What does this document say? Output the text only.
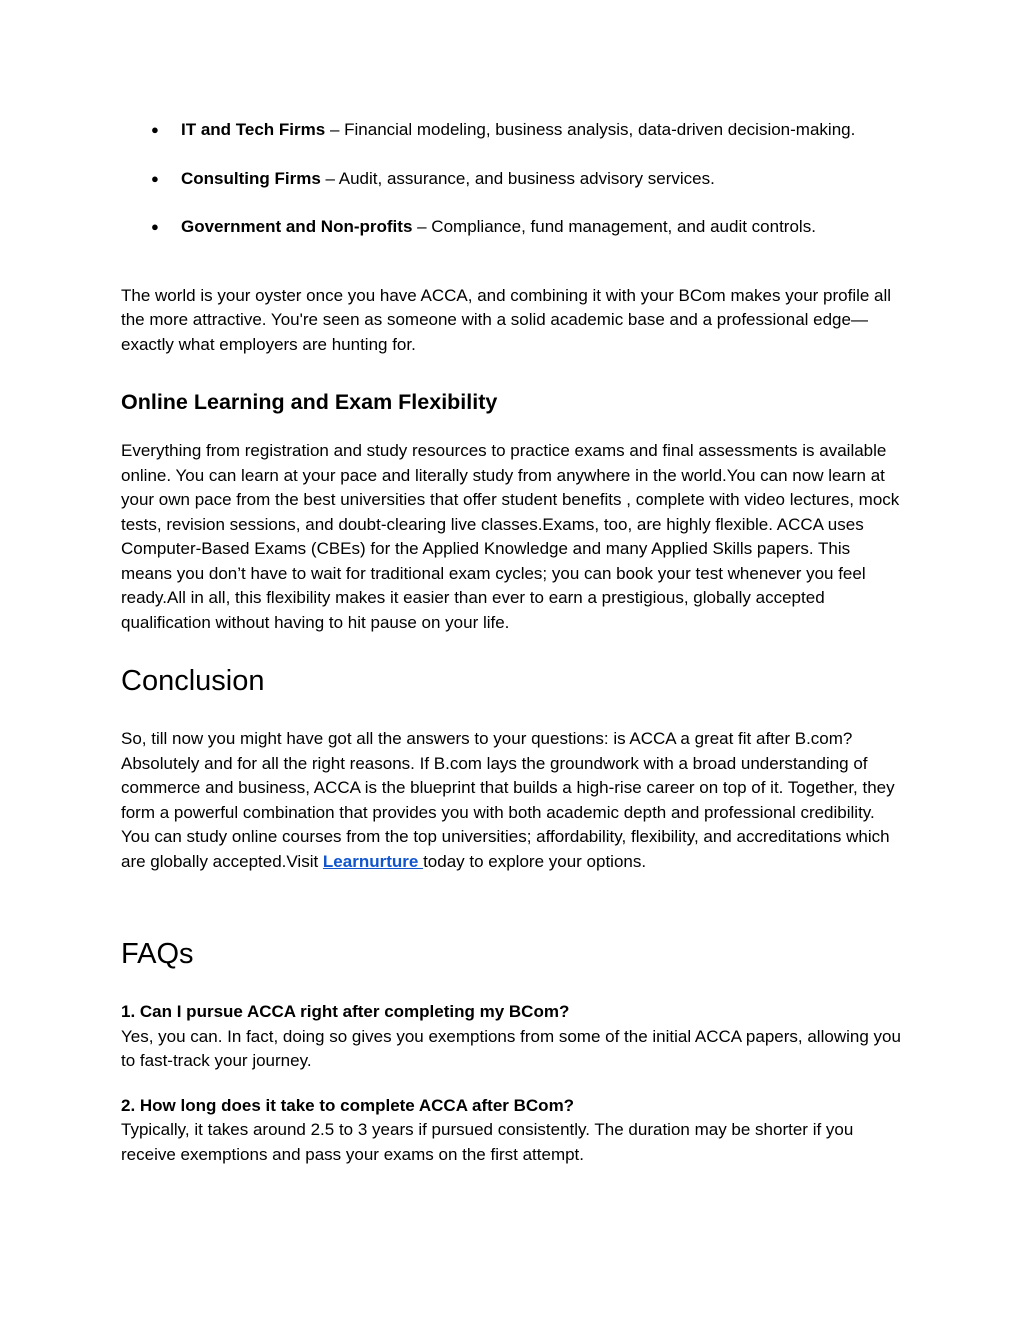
● IT and Tech Firms – Financial modeling, business analysis, data-driven decision-making.
● Consulting Firms – Audit, assurance, and business advisory services.
● Government and Non-profits – Compliance, fund management, and audit controls.

The world is your oyster once you have ACCA, and combining it with your BCom makes your profile all the more attractive. You're seen as someone with a solid academic base and a professional edge—exactly what employers are hunting for.

Online Learning and Exam Flexibility

Everything from registration and study resources to practice exams and final assessments is available online. You can learn at your pace and literally study from anywhere in the world.You can now learn at your own pace from the best universities that offer student benefits , complete with video lectures, mock tests, revision sessions, and doubt-clearing live classes.Exams, too, are highly flexible. ACCA uses Computer-Based Exams (CBEs) for the Applied Knowledge and many Applied Skills papers. This means you don’t have to wait for traditional exam cycles; you can book your test whenever you feel ready.All in all, this flexibility makes it easier than ever to earn a prestigious, globally accepted qualification without having to hit pause on your life.

Conclusion

So, till now you might have got all the answers to your questions: is ACCA a great fit after B.com? Absolutely and for all the right reasons. If B.com lays the groundwork with a broad understanding of commerce and business, ACCA is the blueprint that builds a high-rise career on top of it. Together, they form a powerful combination that provides you with both academic depth and professional credibility. You can study online courses from the top universities; affordability, flexibility, and accreditations which are globally accepted.Visit Learnurture today to explore your options.

FAQs
1. Can I pursue ACCA right after completing my BCom?
Yes, you can. In fact, doing so gives you exemptions from some of the initial ACCA papers, allowing you to fast-track your journey.
2. How long does it take to complete ACCA after BCom?
Typically, it takes around 2.5 to 3 years if pursued consistently. The duration may be shorter if you receive exemptions and pass your exams on the first attempt.
